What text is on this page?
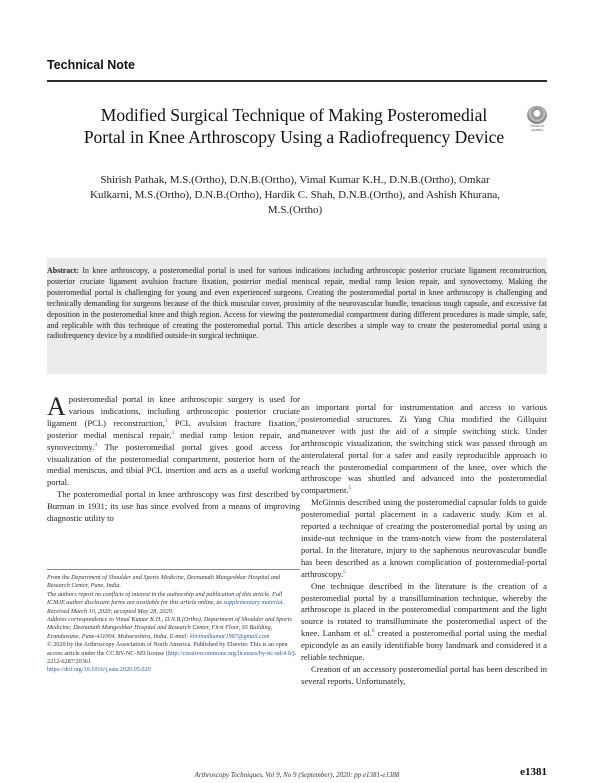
Technical Note
Modified Surgical Technique of Making Posteromedial Portal in Knee Arthroscopy Using a Radiofrequency Device
Check for updates
Shirish Pathak, M.S.(Ortho), D.N.B.(Ortho), Vimal Kumar K.H., D.N.B.(Ortho), Omkar Kulkarni, M.S.(Ortho), D.N.B.(Ortho), Hardik C. Shah, D.N.B.(Ortho), and Ashish Khurana, M.S.(Ortho)
Abstract: In knee arthroscopy, a posteromedial portal is used for various indications including arthroscopic posterior cruciate ligament reconstruction, posterior cruciate ligament avulsion fracture fixation, posterior medial meniscal repair, medial ramp lesion repair, and synovectomy. Making the posteromedial portal is challenging for young and even experienced surgeons. Creating the posteromedial portal in knee arthroscopy is challenging and technically demanding for surgeons because of the thick muscular cover, proximity of the neurovascular bundle, tenacious tough capsule, and excessive fat deposition in the posteromedial knee and thigh region. Access for viewing the posteromedial compartment during different procedures is made simple, safe, and replicable with this technique of creating the posteromedial portal. This article describes a simple way to create the posteromedial portal using a radiofrequency device by a modified outside-in surgical technique.

Aposteromedial portal in knee arthroscopic surgery is used for various indications, including arthroscopic posterior cruciate ligament (PCL) reconstruction,$^1$ PCL avulsion fracture fixation,$^2$ posterior medial meniscal repair,$^3$ medial ramp lesion repair, and synovectomy.$^4$ The posteromedial portal gives good access for visualization of the posteromedial compartment, posterior horn of the medial meniscus, and tibial PCL insertion and acts as a useful working portal.

The posteromedial portal in knee arthroscopy was first described by Burman in 1931; its use has since evolved from a means of improving diagnostic utility to

From the Department of Shoulder and Sports Medicine, Deenanath Mangeshkar Hospital and Research Center, Pune, India.

The authors report no conflicts of interest in the authorship and publication of this article. Full ICMJE author disclosure forms are available for this article online, as supplementary material.

Received March 10, 2020; accepted May 28, 2020.

Address correspondence to Vimal Kumar K.H., D.N.B.(Ortho), Department of Shoulder and Sports Medicine, Deenanath Mangeshkar Hospital and Research Center, First Floor, SS Building, Erandawane, Pune-411004, Maharashtra, India. E-mail: khvimalkumar1987@gmail.com

© 2020 by the Arthroscopy Association of North America. Published by Elsevier. This is an open access article under the CC BY-NC-ND license (http://creativecommons.org/licenses/by-nc-nd/4.0/).

2212-6287/20361

https://doi.org/10.1016/j.eats.2020.05.020

an important portal for instrumentation and access to various posteromedial structures. Zi Yang Chia modified the Gillquist maneuver with just the aid of a simple switching stick. Under arthroscopic visualization, the switching stick was passed through an anterolateral portal for a safer and easily reproducible approach to reach the posteromedial compartment of the knee, over which the arthroscope was shuttled and advanced into the posteromedial compartment.$^5$

McGinnis described using the posteromedial capsular folds to guide posteromedial portal placement in a cadaveric study. Kim et al. reported a technique of creating the posteromedial portal by using an inside-out technique in the trans-notch view from the posterolateral portal. In the literature, injury to the saphenous neurovascular bundle has been described as a known complication of posteromedial-portal arthroscopy.$^5$

One technique described in the literature is the creation of a posteromedial portal by a transillumination technique, whereby the arthroscope is placed in the posteromedial compartment and the light source is rotated to transilluminate the posteromedial aspect of the knee. Lanham et al.$^6$ created a posteromedial portal using the medial epicondyle as an easily identifiable bony landmark and considered it a reliable technique.

Creation of an accessory posteromedial portal has been described in several reports. Unfortunately,

Arthroscopy Techniques, Vol 9, No 9 (September), 2020: pp e1381-e1388	e1381
